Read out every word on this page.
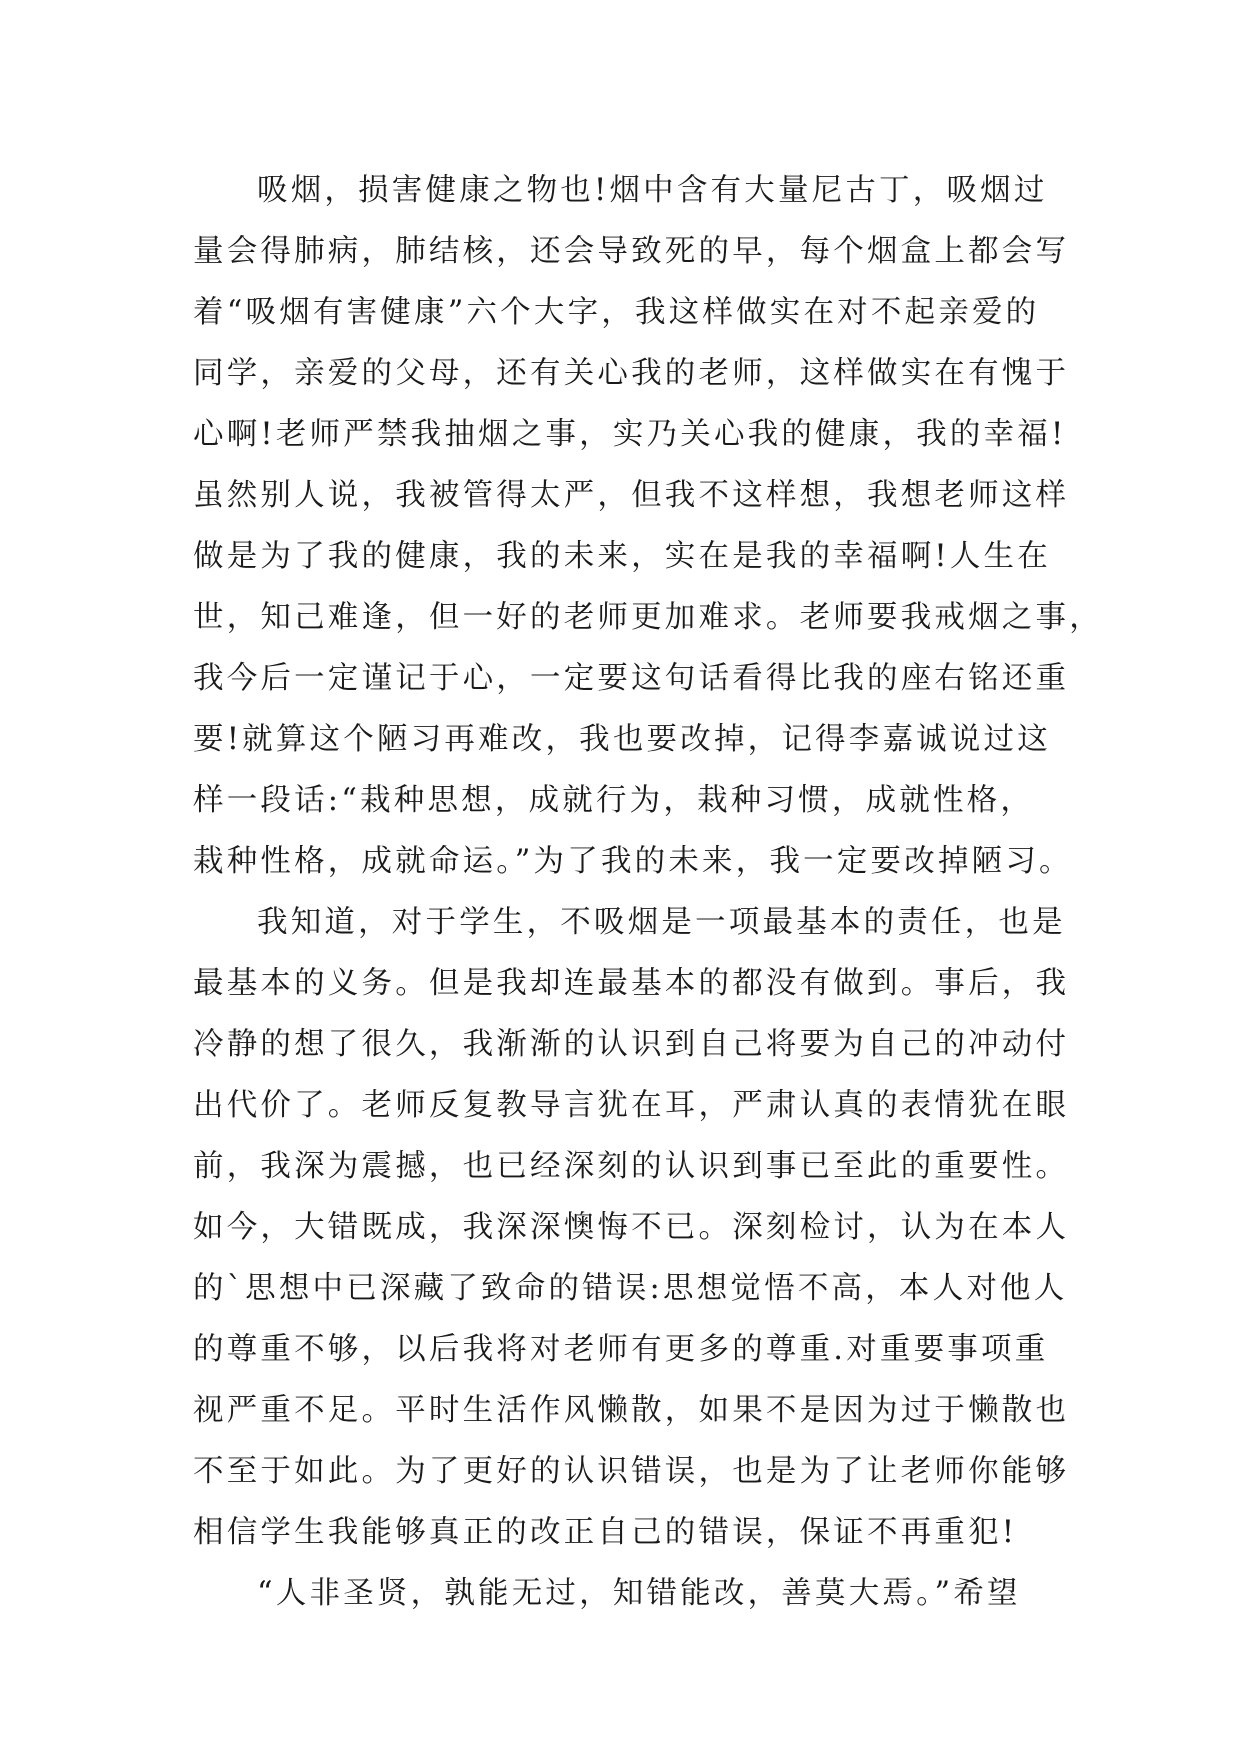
吸烟，损害健康之物也!烟中含有大量尼古丁，吸烟过
量会得肺病，肺结核，还会导致死的早，每个烟盒上都会写
着“吸烟有害健康”六个大字，我这样做实在对不起亲爱的
同学，亲爱的父母，还有关心我的老师，这样做实在有愧于
心啊!老师严禁我抽烟之事，实乃关心我的健康，我的幸福!
虽然别人说，我被管得太严，但我不这样想，我想老师这样
做是为了我的健康，我的未来，实在是我的幸福啊!人生在
世，知己难逢，但一好的老师更加难求。老师要我戒烟之事，
我今后一定谨记于心，一定要这句话看得比我的座右铭还重
要!就算这个陋习再难改，我也要改掉，记得李嘉诚说过这
样一段话:“栽种思想，成就行为，栽种习惯，成就性格，
栽种性格，成就命运。”为了我的未来，我一定要改掉陋习。
我知道，对于学生，不吸烟是一项最基本的责任，也是
最基本的义务。但是我却连最基本的都没有做到。事后，我
冷静的想了很久，我渐渐的认识到自己将要为自己的冲动付
出代价了。老师反复教导言犹在耳，严肃认真的表情犹在眼
前，我深为震撼，也已经深刻的认识到事已至此的重要性。
如今，大错既成，我深深懊悔不已。深刻检讨，认为在本人
的`思想中已深藏了致命的错误:思想觉悟不高，本人对他人
的尊重不够，以后我将对老师有更多的尊重.对重要事项重
视严重不足。平时生活作风懒散，如果不是因为过于懒散也
不至于如此。为了更好的认识错误，也是为了让老师你能够
相信学生我能够真正的改正自己的错误，保证不再重犯!
“人非圣贤，孰能无过，知错能改，善莫大焉。”希望
